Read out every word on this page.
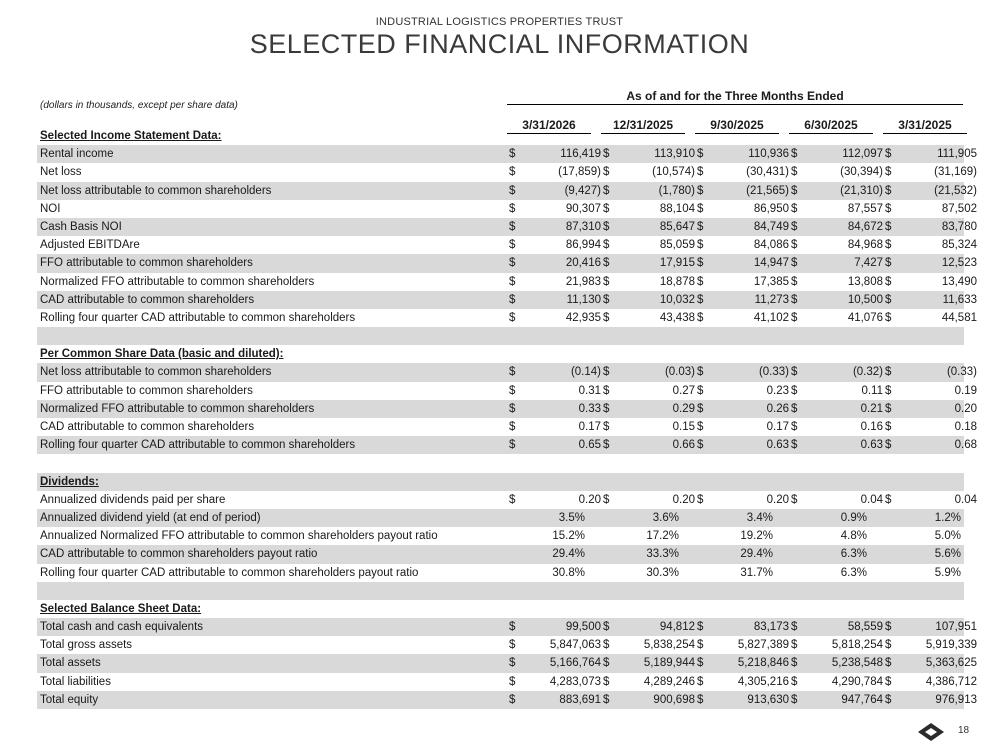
INDUSTRIAL LOGISTICS PROPERTIES TRUST
SELECTED FINANCIAL INFORMATION
(dollars in thousands, except per share data)
As of and for the Three Months Ended
3/31/2026	12/31/2025	9/30/2025	6/30/2025	3/31/2025
Selected Income Statement Data:
Rental income	$	116,419 $	113,910 $	110,936 $	112,097 $	111,905
Net loss	$	(17,859) $	(10,574) $	(30,431) $	(30,394) $	(31,169)
Net loss attributable to common shareholders	$	(9,427) $	(1,780) $	(21,565) $	(21,310) $	(21,532)
NOI	$	90,307 $	88,104 $	86,950 $	87,557 $	87,502
Cash Basis NOI	$	87,310 $	85,647 $	84,749 $	84,672 $	83,780
Adjusted EBITDAre	$	86,994 $	85,059 $	84,086 $	84,968 $	85,324
FFO attributable to common shareholders	$	20,416 $	17,915 $	14,947 $	7,427 $	12,523
Normalized FFO attributable to common shareholders	$	21,983 $	18,878 $	17,385 $	13,808 $	13,490
CAD attributable to common shareholders	$	11,130 $	10,032 $	11,273 $	10,500 $	11,633
Rolling four quarter CAD attributable to common shareholders	$	42,935 $	43,438 $	41,102 $	41,076 $	44,581
Per Common Share Data (basic and diluted):
Net loss attributable to common shareholders	$	(0.14) $	(0.03) $	(0.33) $	(0.32) $	(0.33)
FFO attributable to common shareholders	$	0.31 $	0.27 $	0.23 $	0.11 $	0.19
Normalized FFO attributable to common shareholders	$	0.33 $	0.29 $	0.26 $	0.21 $	0.20
CAD attributable to common shareholders	$	0.17 $	0.15 $	0.17 $	0.16 $	0.18
Rolling four quarter CAD attributable to common shareholders	$	0.65 $	0.66 $	0.63 $	0.63 $	0.68
Dividends:
Annualized dividends paid per share	$	0.20 $	0.20 $	0.20 $	0.04 $	0.04
Annualized dividend yield (at end of period)	3.5%	3.6%	3.4%	0.9%	1.2%
Annualized Normalized FFO attributable to common shareholders payout ratio	15.2%	17.2%	19.2%	4.8%	5.0%
CAD attributable to common shareholders payout ratio	29.4%	33.3%	29.4%	6.3%	5.6%
Rolling four quarter CAD attributable to common shareholders payout ratio	30.8%	30.3%	31.7%	6.3%	5.9%
Selected Balance Sheet Data:
Total cash and cash equivalents	$	99,500 $	94,812 $	83,173 $	58,559 $	107,951
Total gross assets	$	5,847,063 $	5,838,254 $	5,827,389 $	5,818,254 $	5,919,339
Total assets	$	5,166,764 $	5,189,944 $	5,218,846 $	5,238,548 $	5,363,625
Total liabilities	$	4,283,073 $	4,289,246 $	4,305,216 $	4,290,784 $	4,386,712
Total equity	$	883,691 $	900,698 $	913,630 $	947,764 $	976,913
18
